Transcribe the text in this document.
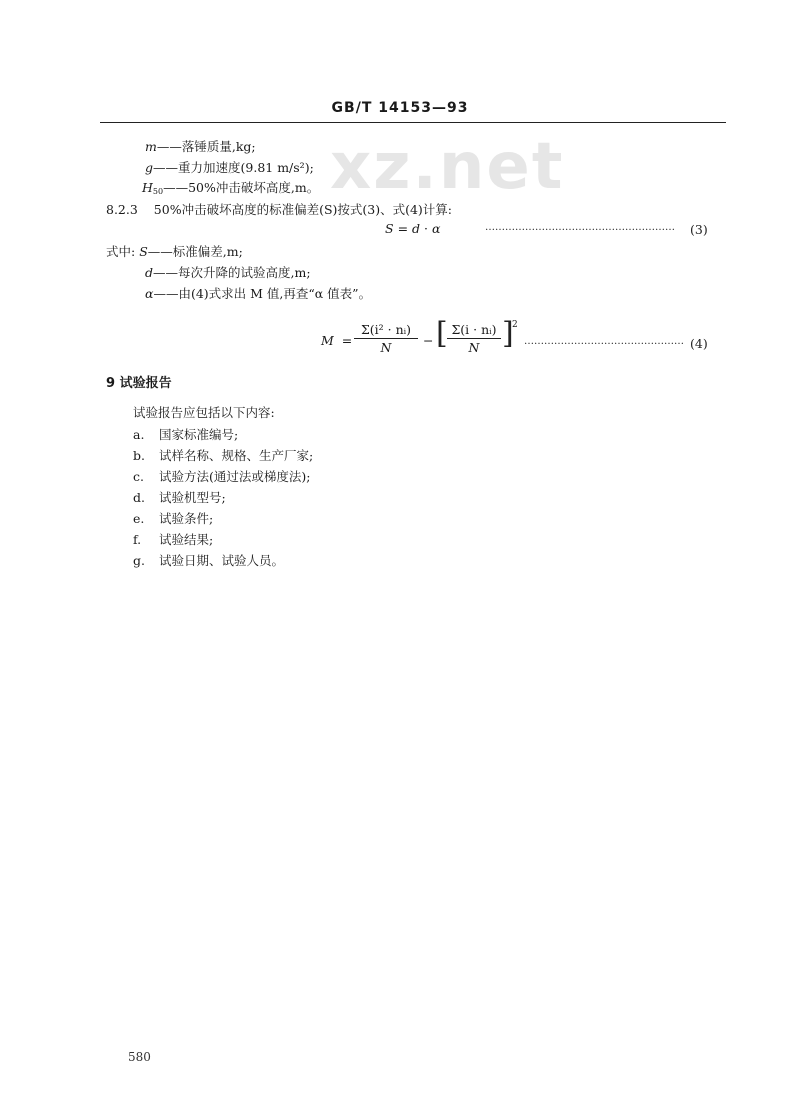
xz.net
GB/T 14153—93
m——落锤质量,kg;
g——重力加速度(9.81 m/s²);
$H_{50}——50\%$冲击破坏高度,m。
8.2.3 50%冲击破坏高度的标准偏差(S)按式(3)、式(4)计算:
S = d · α	………………………………………………… (3)
式中: S——标准偏差,m;
d——每次升降的试验高度,m;
α——由(4)式求出 M 值,再查“α 值表”。
M =
Σ(i² · nᵢ)
N	− [ Σ(i · nᵢ)
N ]
2
………………………………………… (4)
9 试验报告
试验报告应包括以下内容:
a. 国家标准编号;
b. 试样名称、规格、生产厂家;
c. 试验方法(通过法或梯度法);
d. 试验机型号;
e. 试验条件;
f. 试验结果;
g. 试验日期、试验人员。
580
